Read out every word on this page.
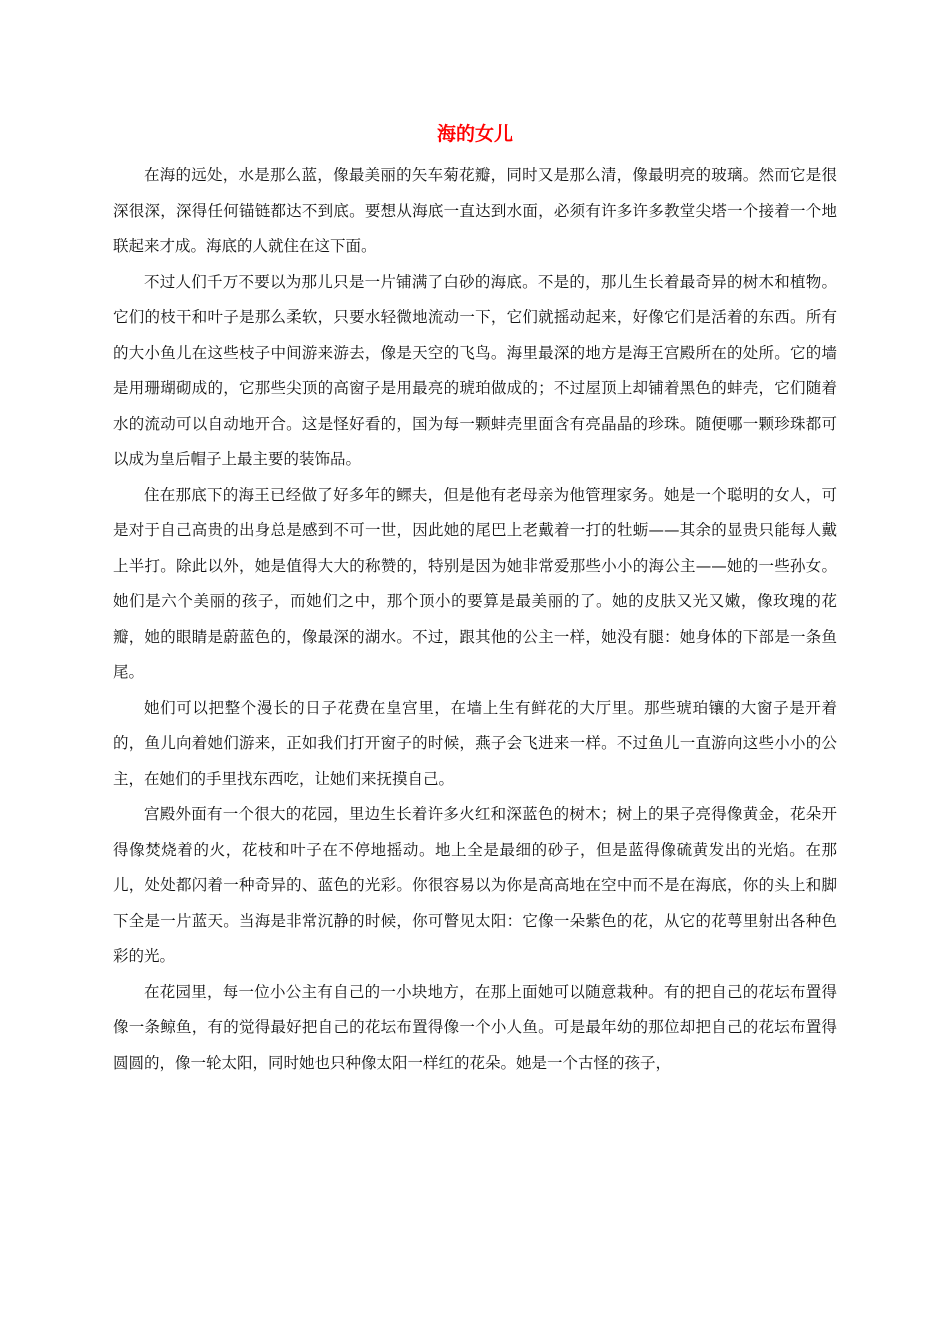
海的女儿

在海的远处，水是那么蓝，像最美丽的矢车菊花瓣，同时又是那么清，像最明亮的玻璃。然而它是很深很深，深得任何锚链都达不到底。要想从海底一直达到水面，必须有许多许多教堂尖塔一个接着一个地联起来才成。海底的人就住在这下面。

不过人们千万不要以为那儿只是一片铺满了白砂的海底。不是的，那儿生长着最奇异的树木和植物。它们的枝干和叶子是那么柔软，只要水轻微地流动一下，它们就摇动起来，好像它们是活着的东西。所有的大小鱼儿在这些枝子中间游来游去，像是天空的飞鸟。海里最深的地方是海王宫殿所在的处所。它的墙是用珊瑚砌成的，它那些尖顶的高窗子是用最亮的琥珀做成的；不过屋顶上却铺着黑色的蚌壳，它们随着水的流动可以自动地开合。这是怪好看的，国为每一颗蚌壳里面含有亮晶晶的珍珠。随便哪一颗珍珠都可以成为皇后帽子上最主要的装饰品。

住在那底下的海王已经做了好多年的鳏夫，但是他有老母亲为他管理家务。她是一个聪明的女人，可是对于自己高贵的出身总是感到不可一世，因此她的尾巴上老戴着一打的牡蛎——其余的显贵只能每人戴上半打。除此以外，她是值得大大的称赞的，特别是因为她非常爱那些小小的海公主——她的一些孙女。她们是六个美丽的孩子，而她们之中，那个顶小的要算是最美丽的了。她的皮肤又光又嫩，像玫瑰的花瓣，她的眼睛是蔚蓝色的，像最深的湖水。不过，跟其他的公主一样，她没有腿：她身体的下部是一条鱼尾。

她们可以把整个漫长的日子花费在皇宫里，在墙上生有鲜花的大厅里。那些琥珀镶的大窗子是开着的，鱼儿向着她们游来，正如我们打开窗子的时候，燕子会飞进来一样。不过鱼儿一直游向这些小小的公主，在她们的手里找东西吃，让她们来抚摸自己。

宫殿外面有一个很大的花园，里边生长着许多火红和深蓝色的树木；树上的果子亮得像黄金，花朵开得像焚烧着的火，花枝和叶子在不停地摇动。地上全是最细的砂子，但是蓝得像硫黄发出的光焰。在那儿，处处都闪着一种奇异的、蓝色的光彩。你很容易以为你是高高地在空中而不是在海底，你的头上和脚下全是一片蓝天。当海是非常沉静的时候，你可瞥见太阳：它像一朵紫色的花，从它的花萼里射出各种色彩的光。

在花园里，每一位小公主有自己的一小块地方，在那上面她可以随意栽种。有的把自己的花坛布置得像一条鲸鱼，有的觉得最好把自己的花坛布置得像一个小人鱼。可是最年幼的那位却把自己的花坛布置得圆圆的，像一轮太阳，同时她也只种像太阳一样红的花朵。她是一个古怪的孩子，
